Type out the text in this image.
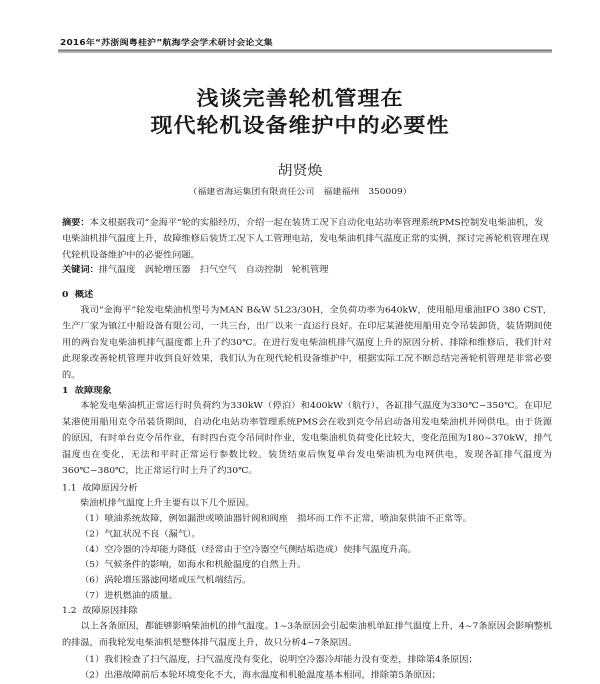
2016年“苏浙闽粤桂沪”航海学会学术研讨会论文集
浅谈完善轮机管理在
现代轮机设备维护中的必要性
胡贤焕
（福建省海运集团有限责任公司　福建福州　350009）
摘要：本文根据我司“金海平”轮的实船经历，介绍一起在装货工况下自动化电站功率管理系统PMS控制发电柴油机，发电柴油机排气温度上升，故障维修后装货工况下人工管理电站，发电柴油机排气温度正常的实例，探讨完善轮机管理在现代轮机设备维护中的必要性问题。
关键词：排气温度　涡轮增压器　扫气空气　自动控制　轮机管理
0 概述
我司“金海平”轮发电柴油机型号为MAN B&W 5L23/30H，全负荷功率为640kW，使用船用重油IFO 380 CST，生产厂家为镇江中船设备有限公司，一共三台，出厂以来一直运行良好。在印尼某港使用船用克令吊装卸货，装货期间使用的两台发电柴油机排气温度都上升了约30℃。在进行发电柴油机排气温度上升的原因分析、排除和维修后，我们针对此现象改善轮机管理并收到良好效果，我们认为在现代轮机设备维护中，根据实际工况不断总结完善轮机管理是非常必要的。
1 故障现象
本轮发电柴油机正常运行时负荷约为330kW（停泊）和400kW（航行），各缸排气温度为330℃~350℃。在印尼某港使用船用克令吊装货期间，自动化电站功率管理系统PMS会在收到克令吊启动备用发电柴油机并网供电。由于货源的原因，有时单台克令吊作业，有时四台克令吊同时作业，发电柴油机负荷变化比较大，变化范围为180~370kW，排气温度也在变化，无法和平时正常运行参数比较。装货结束后恢复单台发电柴油机为电网供电，发现各缸排气温度为360℃~380℃，比正常运行时上升了约30℃。
1.1 故障原因分析
柴油机排气温度上升主要有以下几个原因。
（1）喷油系统故障，例如漏泄或喷油器针阀和阀座　损坏而工作不正常，喷油泵供油不正常等。
（2）气缸状况不良（漏气）。
（4）空冷器的冷却能力降低（经常由于空冷器空气侧结垢造成）使排气温度升高。
（5）气候条件的影响，如海水和机舱温度的自然上升。
（6）涡轮增压器滤网堵或压气机端结污。
（7）进机燃油的质量。
1.2 故障原因排除
以上各条原因，都能够影响柴油机的排气温度。1~3条原因会引起柴油机单缸排气温度上升，4~7条原因会影响整机的排温，而我轮发电柴油机是整体排气温度上升，故只分析4~7条原因。
（1）我们检查了扫气温度，扫气温度没有变化，说明空冷器冷却能力没有变差，排除第4条原因；
（2）出港故障前后本轮环境变化不大，海水温度和机舱温度基本相同，排除第5条原因；
